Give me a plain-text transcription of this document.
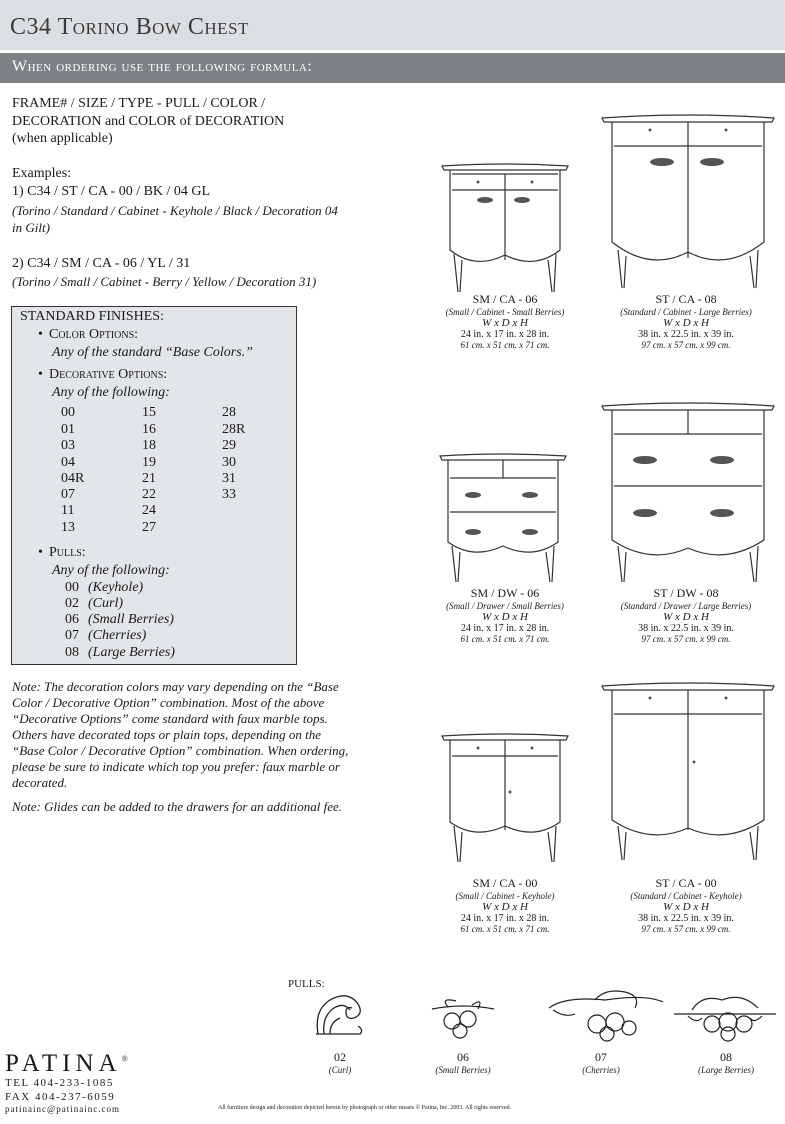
C34 Torino Bow Chest
When ordering use the following formula:
FRAME# / SIZE / TYPE - PULL / COLOR /
DECORATION and COLOR of DECORATION
(when applicable)
Examples:
1) C34 / ST / CA - 00 / BK / 04 GL
(Torino / Standard / Cabinet - Keyhole / Black / Decoration 04
in Gilt)
2) C34 / SM / CA - 06 / YL / 31
(Torino / Small / Cabinet - Berry / Yellow / Decoration 31)
STANDARD FINISHES:
• Color Options:
Any of the standard “Base Colors.”
• Decorative Options:
Any of the following:
00
01
03
04
04R
07
11
13
15
16
18
19
21
22
24
27
28
28R
29
30
31
33
• Pulls:
Any of the following:
00 (Keyhole)
02 (Curl)
06 (Small Berries)
07 (Cherries)
08 (Large Berries)
Note: The decoration colors may vary depending on the “Base
Color / Decorative Option” combination. Most of the above
“Decorative Options” come standard with faux marble tops.
Others have decorated tops or plain tops, depending on the
“Base Color / Decorative Option” combination. When ordering,
please be sure to indicate which top you prefer: faux marble or
decorated.
Note: Glides can be added to the drawers for an additional fee.
SM / CA - 06
(Small / Cabinet - Small Berries)
W x D x H
24 in. x 17 in. x 28 in.
61 cm. x 51 cm. x 71 cm.
ST / CA - 08
(Standard / Cabinet - Large Berries)
W x D x H
38 in. x 22.5 in. x 39 in.
97 cm. x 57 cm. x 99 cm.
SM / DW - 06
(Small / Drawer / Small Berries)
W x D x H
24 in. x 17 in. x 28 in.
61 cm. x 51 cm. x 71 cm.
ST / DW - 08
(Standard / Drawer / Large Berries)
W x D x H
38 in. x 22.5 in. x 39 in.
97 cm. x 57 cm. x 99 cm.
SM / CA - 00
(Small / Cabinet - Keyhole)
W x D x H
24 in. x 17 in. x 28 in.
61 cm. x 51 cm. x 71 cm.
ST / CA - 00
(Standard / Cabinet - Keyhole)
W x D x H
38 in. x 22.5 in. x 39 in.
97 cm. x 57 cm. x 99 cm.
PULLS:
02
(Curl)
06
(Small Berries)
07
(Cherries)
08
(Large Berries)
PATINA®
TEL 404-233-1085
FAX 404-237-6059
patinainc@patinainc.com	All furniture design and decoration depicted herein by photograph or other means © Patina, Inc. 2003. All rights reserved.
